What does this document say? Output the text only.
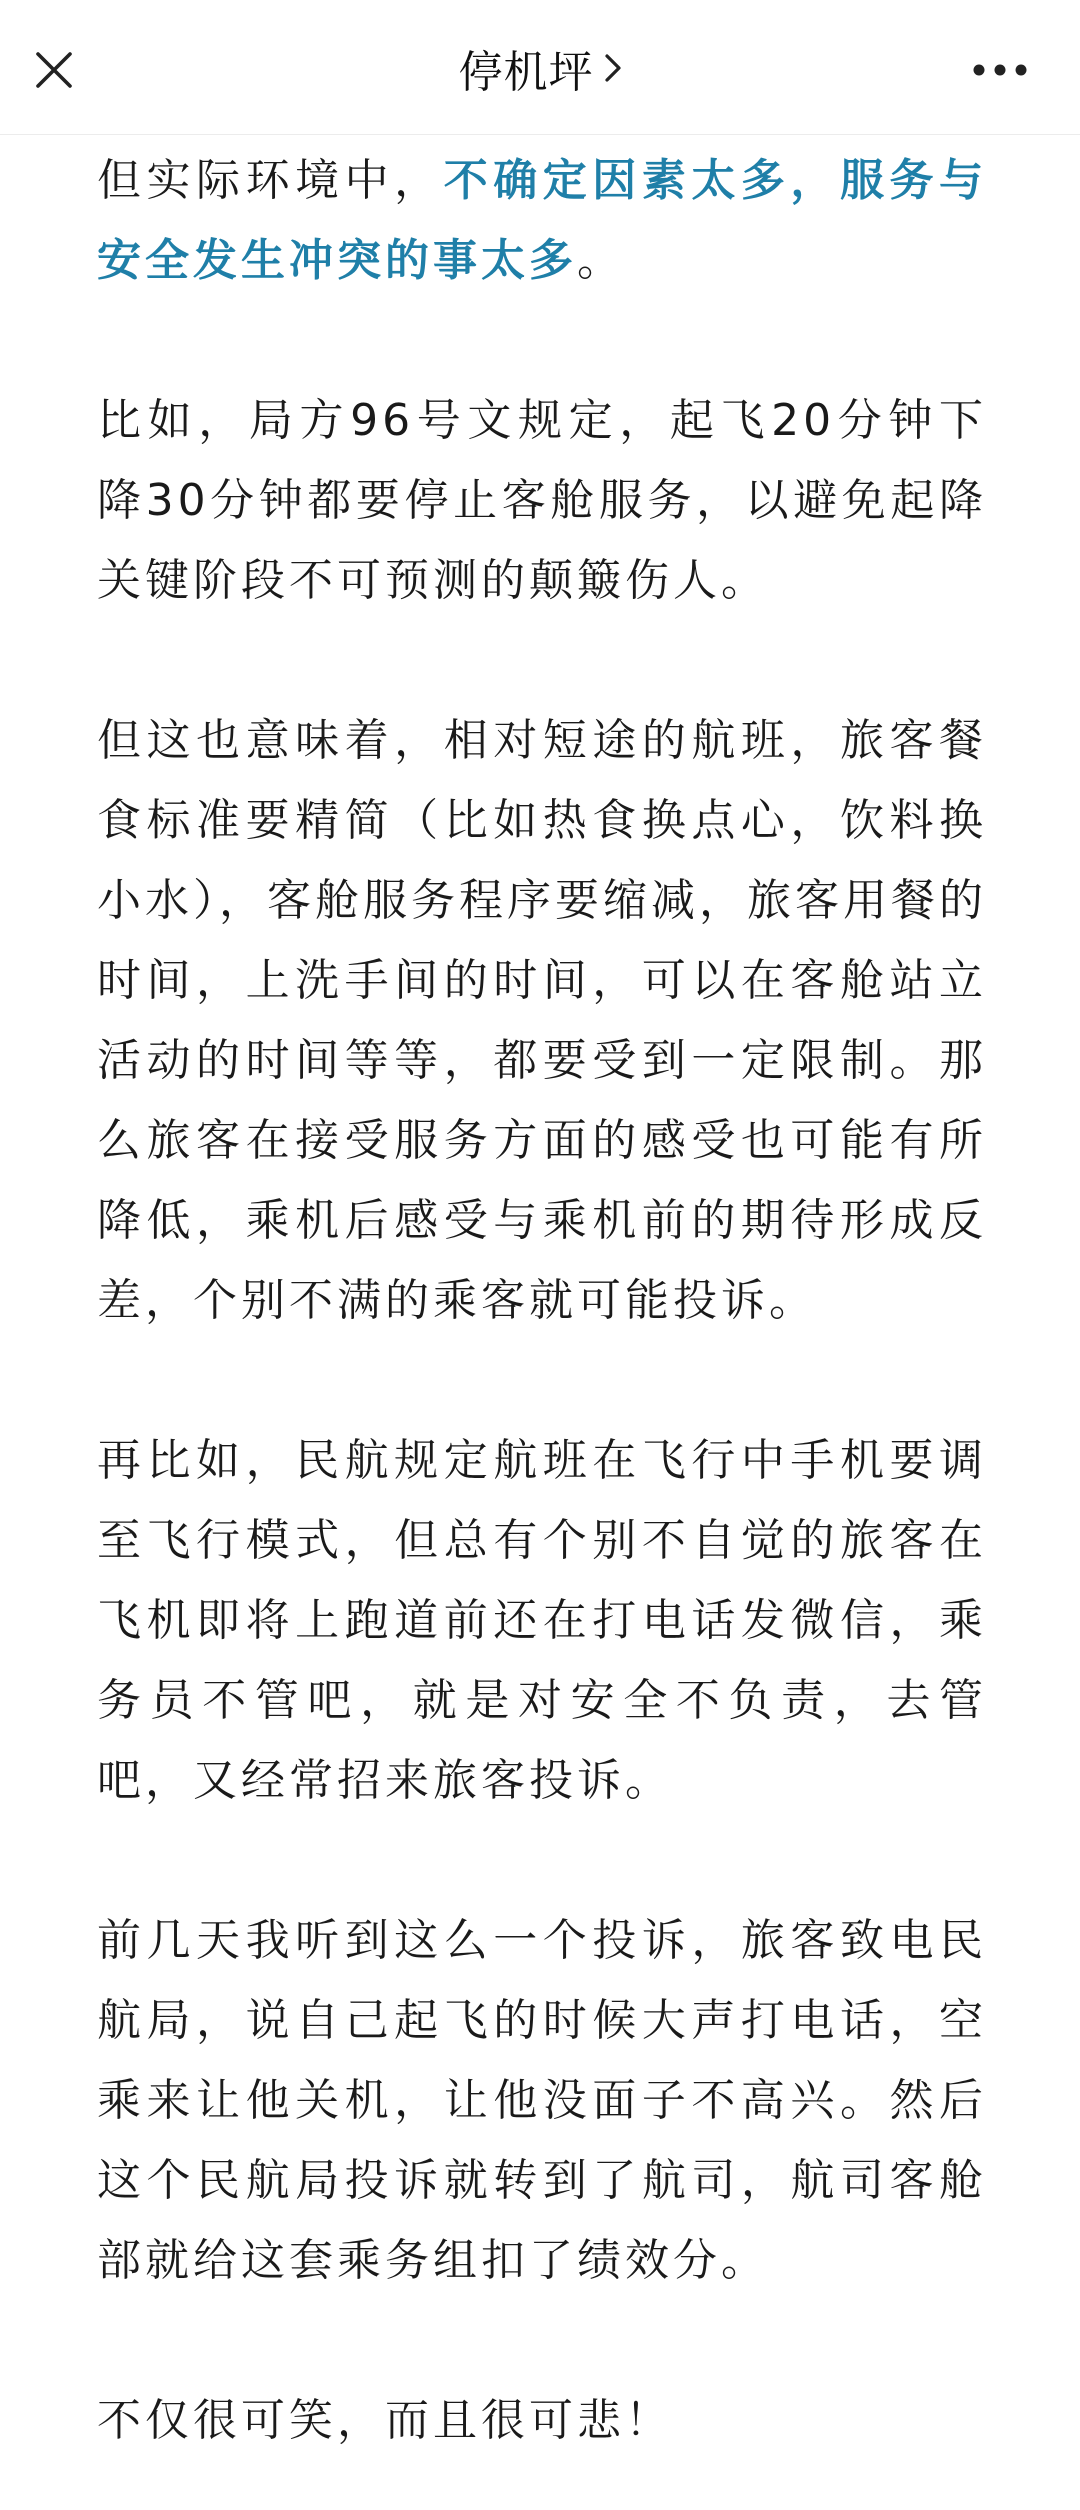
停机坪

但实际环境中，不确定因素太多，服务与安全发生冲突的事太多。

比如，局方96号文规定，起飞20分钟下降30分钟都要停止客舱服务，以避免起降关键阶段不可预测的颠簸伤人。

但这也意味着，相对短途的航班，旅客餐食标准要精简（比如热食换点心，饮料换小水），客舱服务程序要缩减，旅客用餐的时间，上洗手间的时间，可以在客舱站立活动的时间等等，都要受到一定限制。那么旅客在接受服务方面的感受也可能有所降低，乘机后感受与乘机前的期待形成反差，个别不满的乘客就可能投诉。

再比如，民航规定航班在飞行中手机要调至飞行模式，但总有个别不自觉的旅客在飞机即将上跑道前还在打电话发微信，乘务员不管吧，就是对安全不负责，去管吧，又经常招来旅客投诉。

前几天我听到这么一个投诉，旅客致电民航局，说自己起飞的时候大声打电话，空乘来让他关机，让他没面子不高兴。然后这个民航局投诉就转到了航司，航司客舱部就给这套乘务组扣了绩效分。

不仅很可笑，而且很可悲！
